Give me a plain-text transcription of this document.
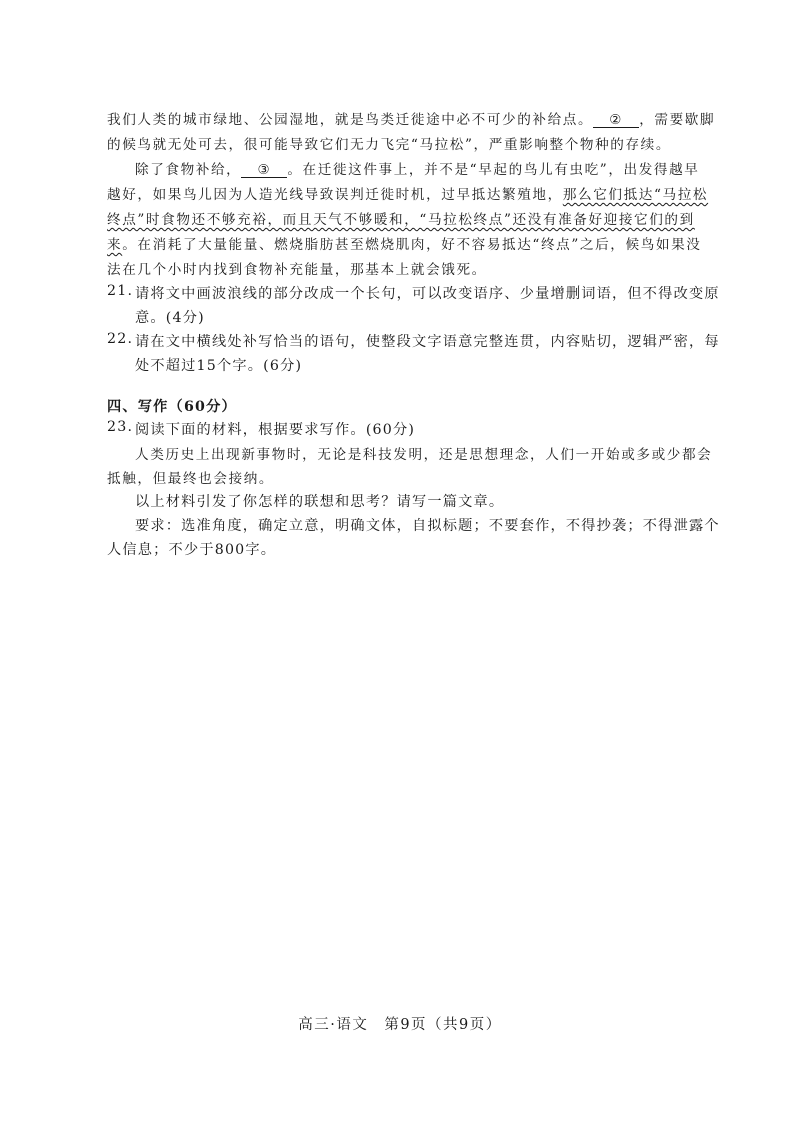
我们人类的城市绿地、公园湿地，就是鸟类迁徙途中必不可少的补给点。 ② ，需要歇脚
的候鸟就无处可去，很可能导致它们无力飞完“马拉松”，严重影响整个物种的存续。
除了食物补给， ③ 。在迁徙这件事上，并不是“早起的鸟儿有虫吃”，出发得越早
越好，如果鸟儿因为人造光线导致误判迁徙时机，过早抵达繁殖地，那么它们抵达“马拉松
终点”时食物还不够充裕，而且天气不够暖和，“马拉松终点”还没有准备好迎接它们的到
来。在消耗了大量能量、燃烧脂肪甚至燃烧肌肉，好不容易抵达“终点”之后，候鸟如果没
法在几个小时内找到食物补充能量，那基本上就会饿死。
21. 请将文中画波浪线的部分改成一个长句，可以改变语序、少量增删词语，但不得改变原
意。(4分)
22. 请在文中横线处补写恰当的语句，使整段文字语意完整连贯，内容贴切，逻辑严密，每
处不超过15个字。(6分)
四、写作（60分）
23. 阅读下面的材料，根据要求写作。(60分)
人类历史上出现新事物时，无论是科技发明，还是思想理念，人们一开始或多或少都会
抵触，但最终也会接纳。
以上材料引发了你怎样的联想和思考？请写一篇文章。
要求：选准角度，确定立意，明确文体，自拟标题；不要套作，不得抄袭；不得泄露个
人信息；不少于800字。
高三·语文　第9页（共9页）
